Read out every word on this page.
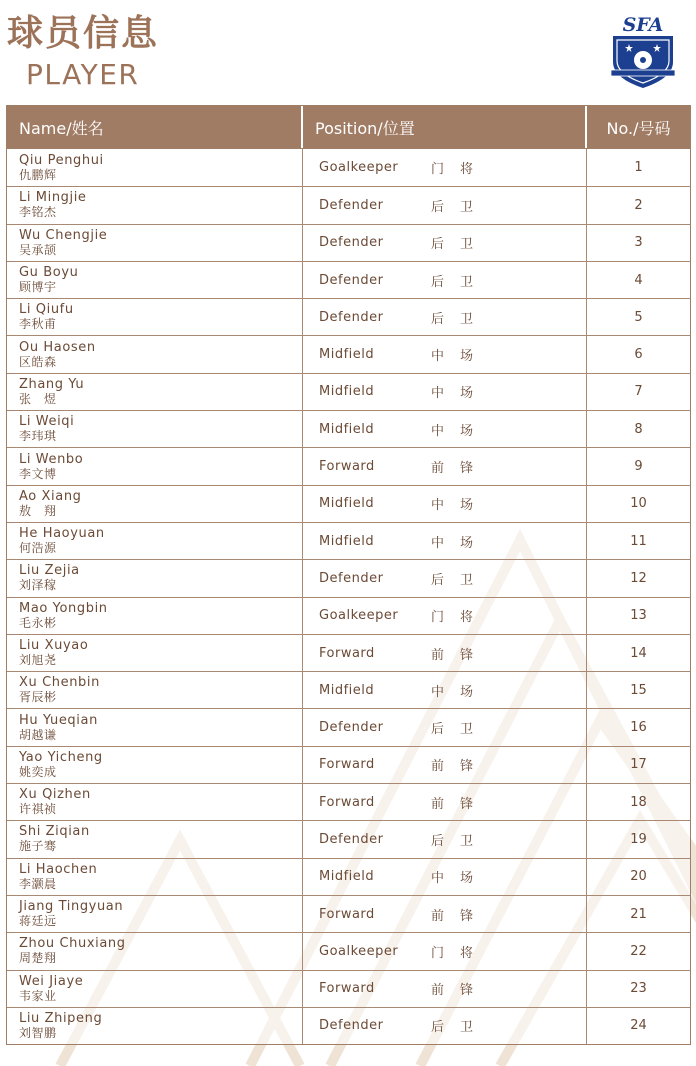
球员信息
PLAYER
SFA
Name/姓名	Position/位置	No./号码
Qiu Penghui
仇鹏辉	Goalkeeper	门将	1
Li Mingjie
李铭杰	Defender	后卫	2
Wu Chengjie
吴承颉	Defender	后卫	3
Gu Boyu
顾博宇	Defender	后卫	4
Li Qiufu
李秋甫	Defender	后卫	5
Ou Haosen
区皓森	Midfield	中场	6
Zhang Yu
张　煜	Midfield	中场	7
Li Weiqi
李玮琪	Midfield	中场	8
Li Wenbo
李文博	Forward	前锋	9
Ao Xiang
敖　翔	Midfield	中场	10
He Haoyuan
何浩源	Midfield	中场	11
Liu Zejia
刘泽稼	Defender	后卫	12
Mao Yongbin
毛永彬	Goalkeeper	门将	13
Liu Xuyao
刘旭尧	Forward	前锋	14
Xu Chenbin
胥辰彬	Midfield	中场	15
Hu Yueqian
胡越谦	Defender	后卫	16
Yao Yicheng
姚奕成	Forward	前锋	17
Xu Qizhen
许祺祯	Forward	前锋	18
Shi Ziqian
施子骞	Defender	后卫	19
Li Haochen
李灏晨	Midfield	中场	20
Jiang Tingyuan
蒋廷远	Forward	前锋	21
Zhou Chuxiang
周楚翔	Goalkeeper	门将	22
Wei Jiaye
韦家业	Forward	前锋	23
Liu Zhipeng
刘智鹏	Defender	后卫	24
